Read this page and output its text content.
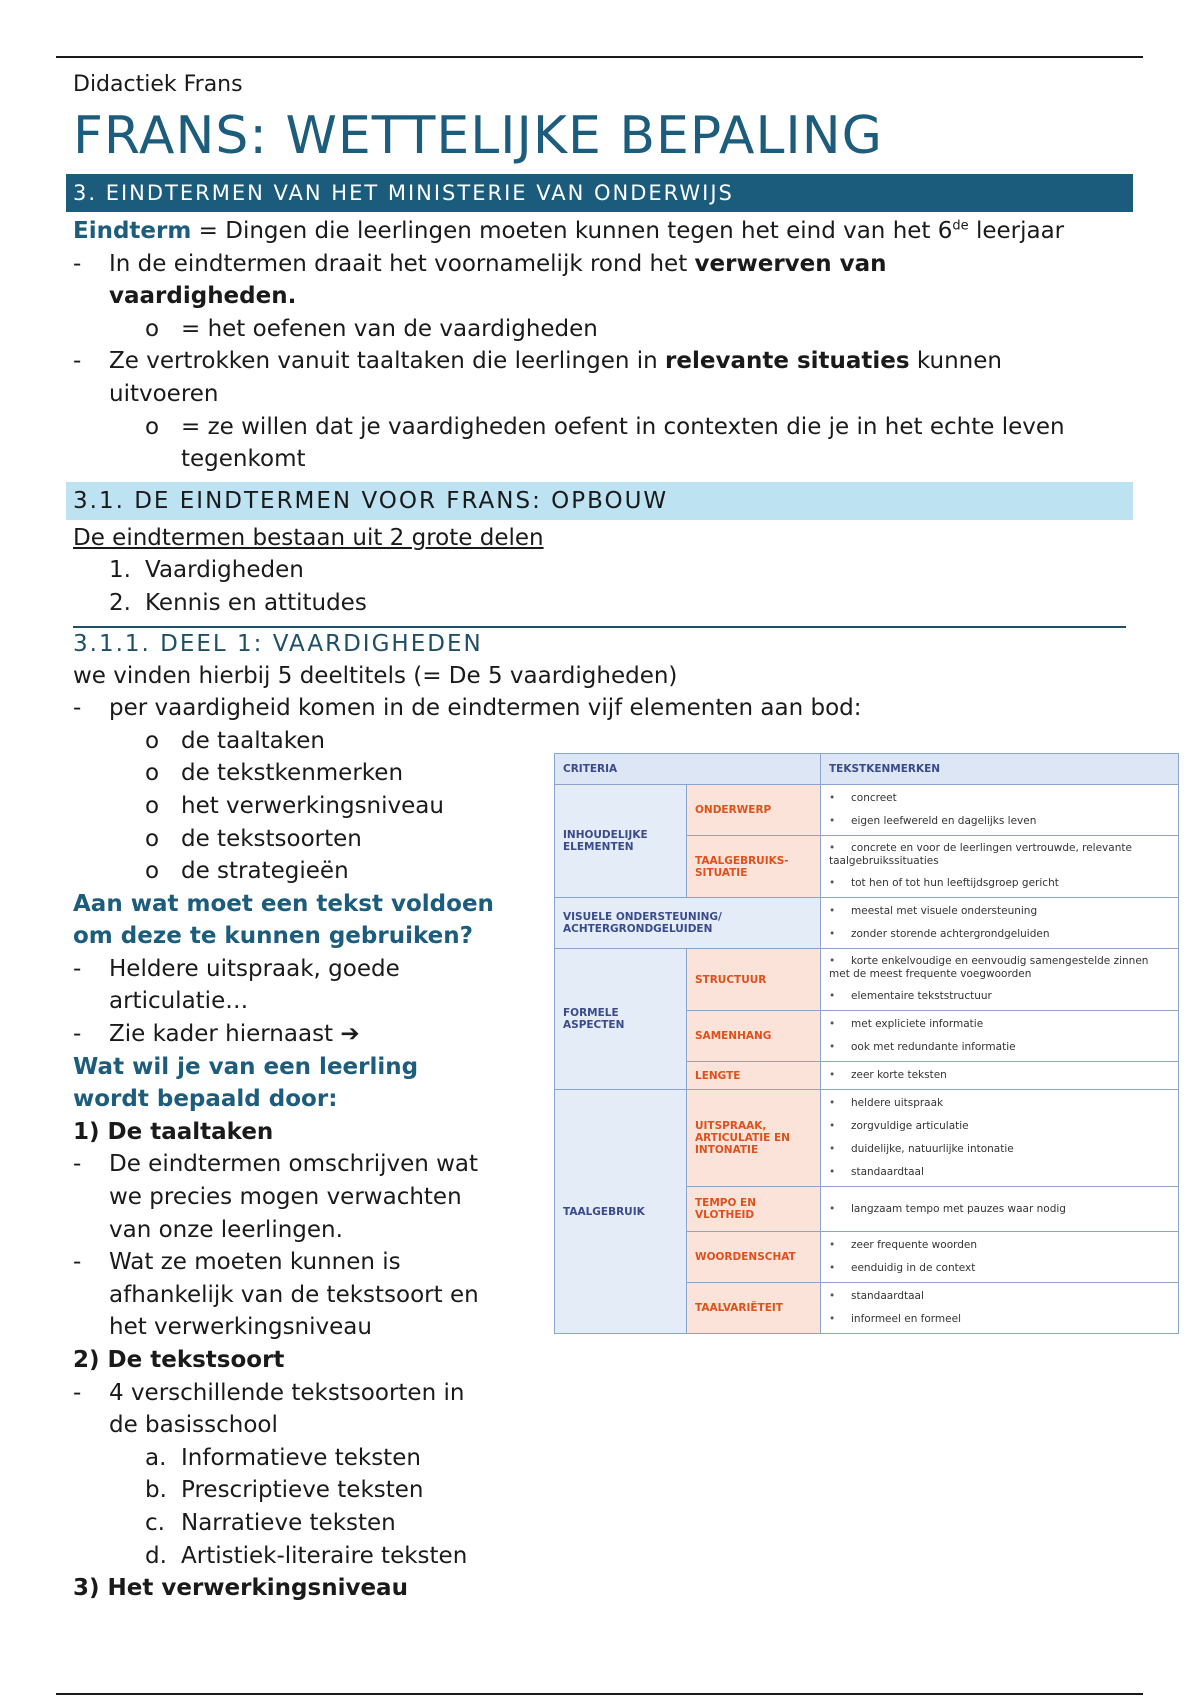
Didactiek Frans
FRANS: WETTELIJKE BEPALING
3. EINDTERMEN VAN HET MINISTERIE VAN ONDERWIJS
Eindterm = Dingen die leerlingen moeten kunnen tegen het eind van het 6de leerjaar
- In de eindtermen draait het voornamelijk rond het verwerven van
vaardigheden.
o = het oefenen van de vaardigheden
- Ze vertrokken vanuit taaltaken die leerlingen in relevante situaties kunnen
uitvoeren
o = ze willen dat je vaardigheden oefent in contexten die je in het echte leven
tegenkomt
3.1. DE EINDTERMEN VOOR FRANS: OPBOUW
De eindtermen bestaan uit 2 grote delen
1. Vaardigheden
2. Kennis en attitudes
3.1.1. DEEL 1: VAARDIGHEDEN
we vinden hierbij 5 deeltitels (= De 5 vaardigheden)
- per vaardigheid komen in de eindtermen vijf elementen aan bod:
o de taaltaken
o de tekstkenmerken
o het verwerkingsniveau
o de tekstsoorten
o de strategieën
Aan wat moet een tekst voldoen
om deze te kunnen gebruiken?
- Heldere uitspraak, goede
articulatie…
- Zie kader hiernaast ➔
Wat wil je van een leerling
wordt bepaald door:
1) De taaltaken
- De eindtermen omschrijven wat
we precies mogen verwachten
van onze leerlingen.
- Wat ze moeten kunnen is
afhankelijk van de tekstsoort en
het verwerkingsniveau
2) De tekstsoort
- 4 verschillende tekstsoorten in
de basisschool
a. Informatieve teksten
b. Prescriptieve teksten
c. Narratieve teksten
d. Artistiek-literaire teksten
3) Het verwerkingsniveau
CRITERIA		TEKSTKENMERKEN
INHOUDELIJKE ELEMENTEN	ONDERWERP	• concreet
• eigen leefwereld en dagelijks leven

	TAALGEBRUIKS-SITUATIE	• concrete en voor de leerlingen vertrouwde, relevante taalgebruikssituaties
• tot hen of tot hun leeftijdsgroep gericht

VISUELE ONDERSTEUNING/ ACHTERGRONDGELUIDEN		• meestal met visuele ondersteuning
• zonder storende achtergrondgeluiden

FORMELE ASPECTEN	STRUCTUUR	• korte enkelvoudige en eenvoudig samengestelde zinnen met de meest frequente voegwoorden
• elementaire tekststructuur

	SAMENHANG	• met expliciete informatie
• ook met redundante informatie

	LENGTE	• zeer korte teksten

TAALGEBRUIK	UITSPRAAK, ARTICULATIE EN INTONATIE	• heldere uitspraak
• zorgvuldige articulatie
• duidelijke, natuurlijke intonatie
• standaardtaal

	TEMPO EN VLOTHEID	• langzaam tempo met pauzes waar nodig

	WOORDENSCHAT	• zeer frequente woorden
• eenduidig in de context

	TAALVARIËTEIT	• standaardtaal
• informeel en formeel
